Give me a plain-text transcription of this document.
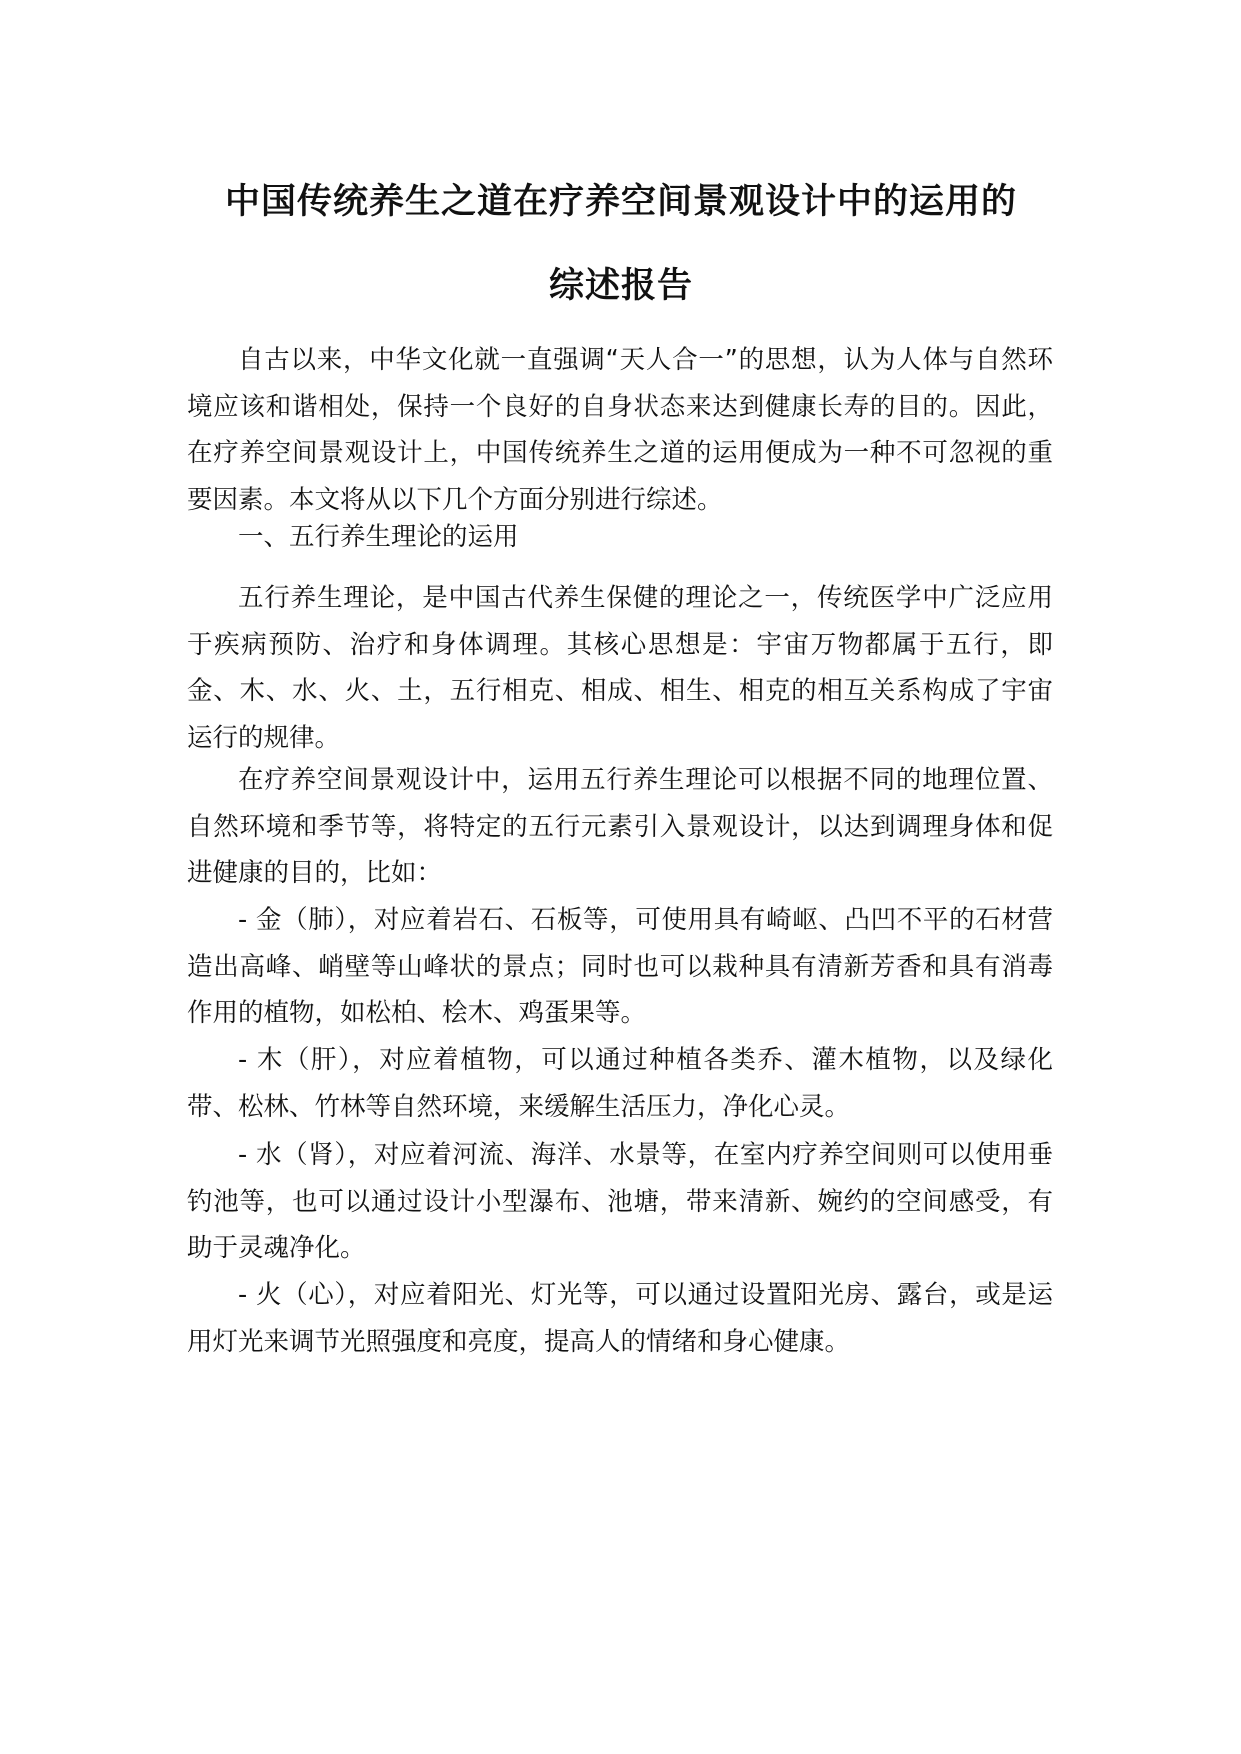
中国传统养生之道在疗养空间景观设计中的运用的
综述报告

自古以来，中华文化就一直强调“天人合一”的思想，认为人体与自然环境应该和谐相处，保持一个良好的自身状态来达到健康长寿的目的。因此，在疗养空间景观设计上，中国传统养生之道的运用便成为一种不可忽视的重要因素。本文将从以下几个方面分别进行综述。

一、五行养生理论的运用

五行养生理论，是中国古代养生保健的理论之一，传统医学中广泛应用于疾病预防、治疗和身体调理。其核心思想是：宇宙万物都属于五行，即金、木、水、火、土，五行相克、相成、相生、相克的相互关系构成了宇宙运行的规律。

在疗养空间景观设计中，运用五行养生理论可以根据不同的地理位置、自然环境和季节等，将特定的五行元素引入景观设计，以达到调理身体和促进健康的目的，比如：

- 金（肺），对应着岩石、石板等，可使用具有崎岖、凸凹不平的石材营造出高峰、峭壁等山峰状的景点；同时也可以栽种具有清新芳香和具有消毒作用的植物，如松柏、桧木、鸡蛋果等。

- 木（肝），对应着植物，可以通过种植各类乔、灌木植物，以及绿化带、松林、竹林等自然环境，来缓解生活压力，净化心灵。

- 水（肾），对应着河流、海洋、水景等，在室内疗养空间则可以使用垂钓池等，也可以通过设计小型瀑布、池塘，带来清新、婉约的空间感受，有助于灵魂净化。

- 火（心），对应着阳光、灯光等，可以通过设置阳光房、露台，或是运用灯光来调节光照强度和亮度，提高人的情绪和身心健康。
